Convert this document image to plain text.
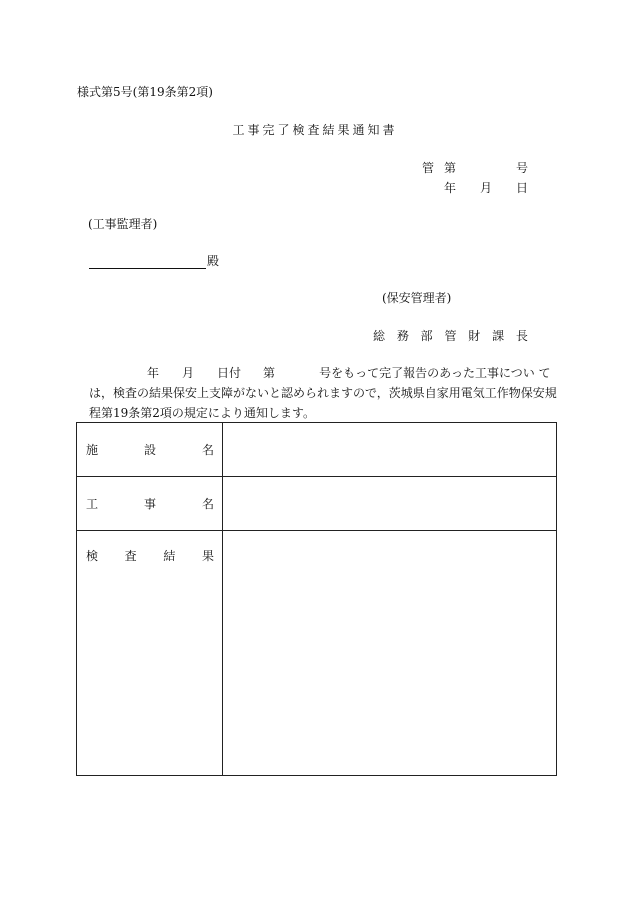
様式第5号(第19条第2項)
工事完了検査結果通知書
管 第	号
年 月 日
(工事監理者)
殿
(保安管理者)
総 務 部 管 財 課 長
年 月 日付 第	号をもって完了報告のあった工事につい て
は，検査の結果保安上支障がないと認められますので，茨城県自家用電気工作物保安規
程第19条第2項の規定により通知します。
施 設 名	

工 事 名	

検 査 結 果	
